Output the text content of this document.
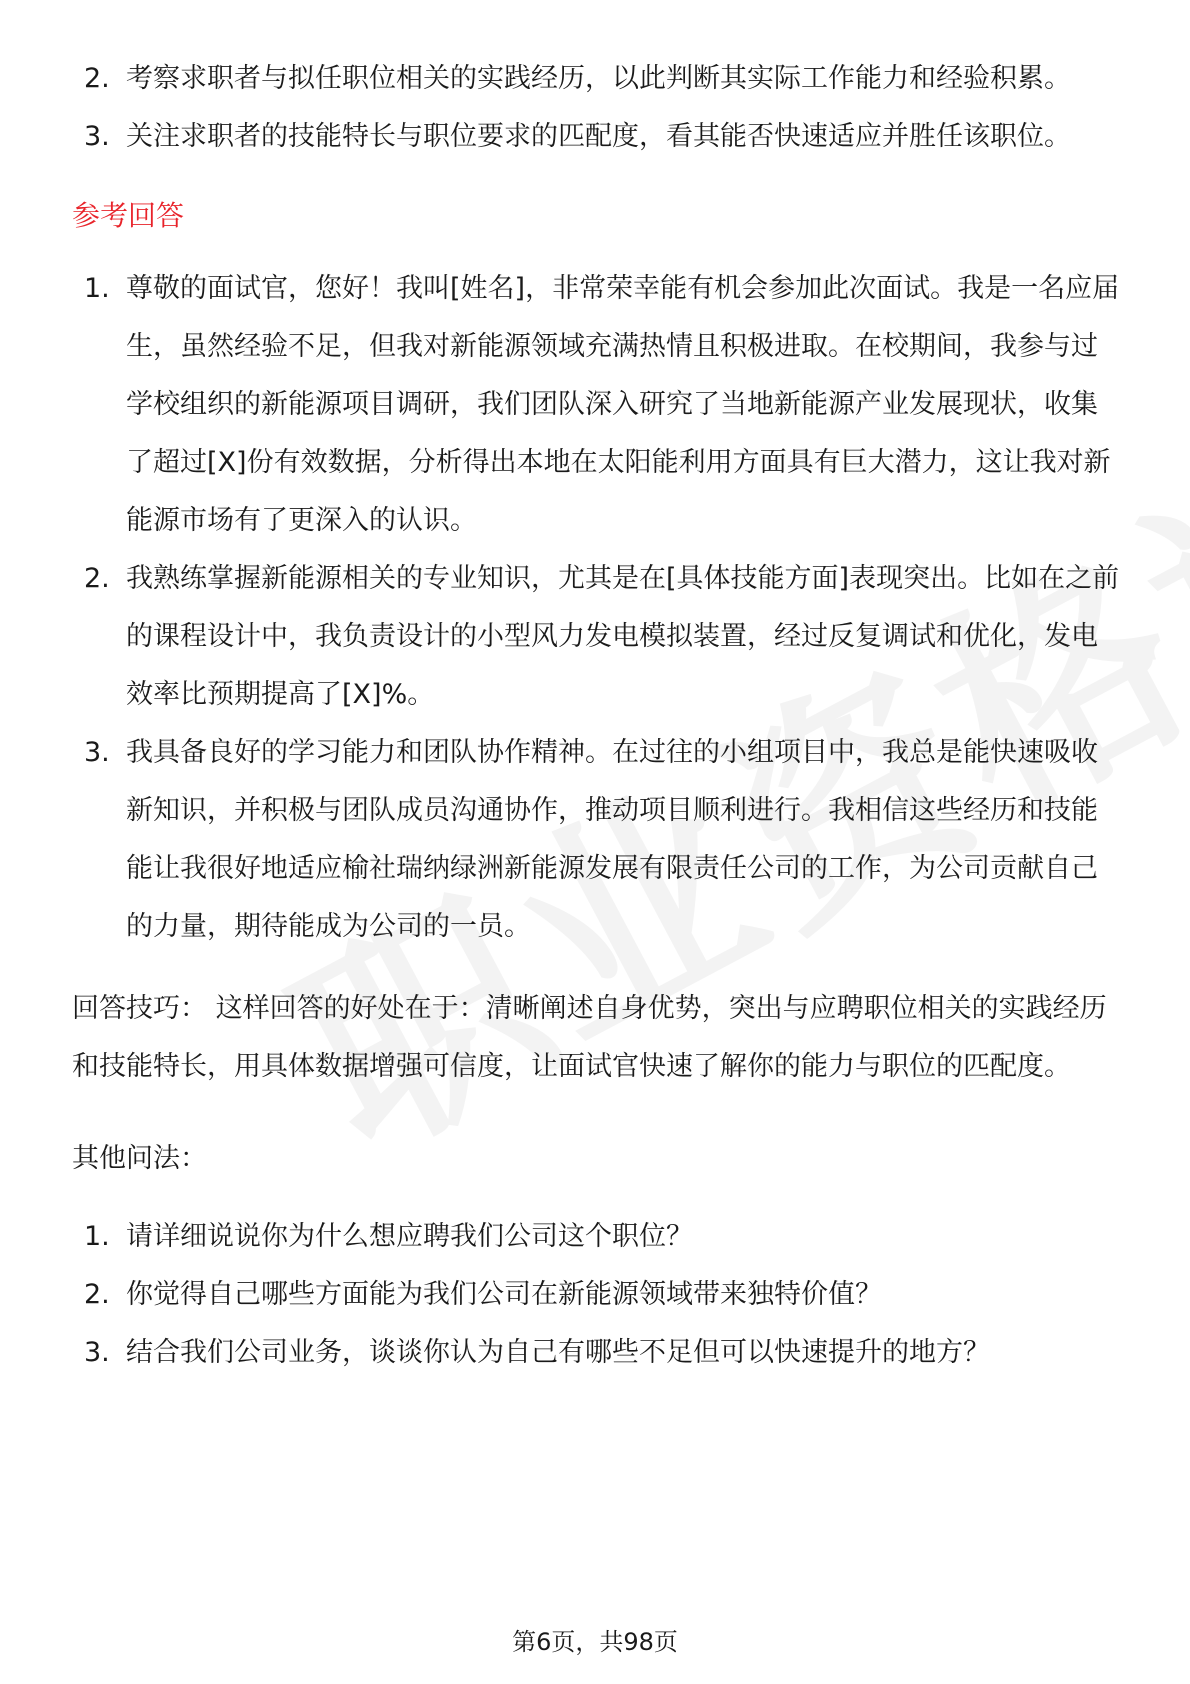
2. 考察求职者与拟任职位相关的实践经历，以此判断其实际工作能力和经验积累。
3. 关注求职者的技能特长与职位要求的匹配度，看其能否快速适应并胜任该职位。
参考回答
1. 尊敬的面试官，您好！我叫[姓名]，非常荣幸能有机会参加此次面试。我是一名应届生，虽然经验不足，但我对新能源领域充满热情且积极进取。在校期间，我参与过学校组织的新能源项目调研，我们团队深入研究了当地新能源产业发展现状，收集了超过[X]份有效数据，分析得出本地在太阳能利用方面具有巨大潜力，这让我对新能源市场有了更深入的认识。
2. 我熟练掌握新能源相关的专业知识，尤其是在[具体技能方面]表现突出。比如在之前的课程设计中，我负责设计的小型风力发电模拟装置，经过反复调试和优化，发电效率比预期提高了[X]%。
3. 我具备良好的学习能力和团队协作精神。在过往的小组项目中，我总是能快速吸收新知识，并积极与团队成员沟通协作，推动项目顺利进行。我相信这些经历和技能能让我很好地适应榆社瑞纳绿洲新能源发展有限责任公司的工作，为公司贡献自己的力量，期待能成为公司的一员。

回答技巧： 这样回答的好处在于：清晰阐述自身优势，突出与应聘职位相关的实践经历和技能特长，用具体数据增强可信度，让面试官快速了解你的能力与职位的匹配度。

其他问法：

1. 请详细说说你为什么想应聘我们公司这个职位？
2. 你觉得自己哪些方面能为我们公司在新能源领域带来独特价值？
3. 结合我们公司业务，谈谈你认为自己有哪些不足但可以快速提升的地方？
第6页，共98页
